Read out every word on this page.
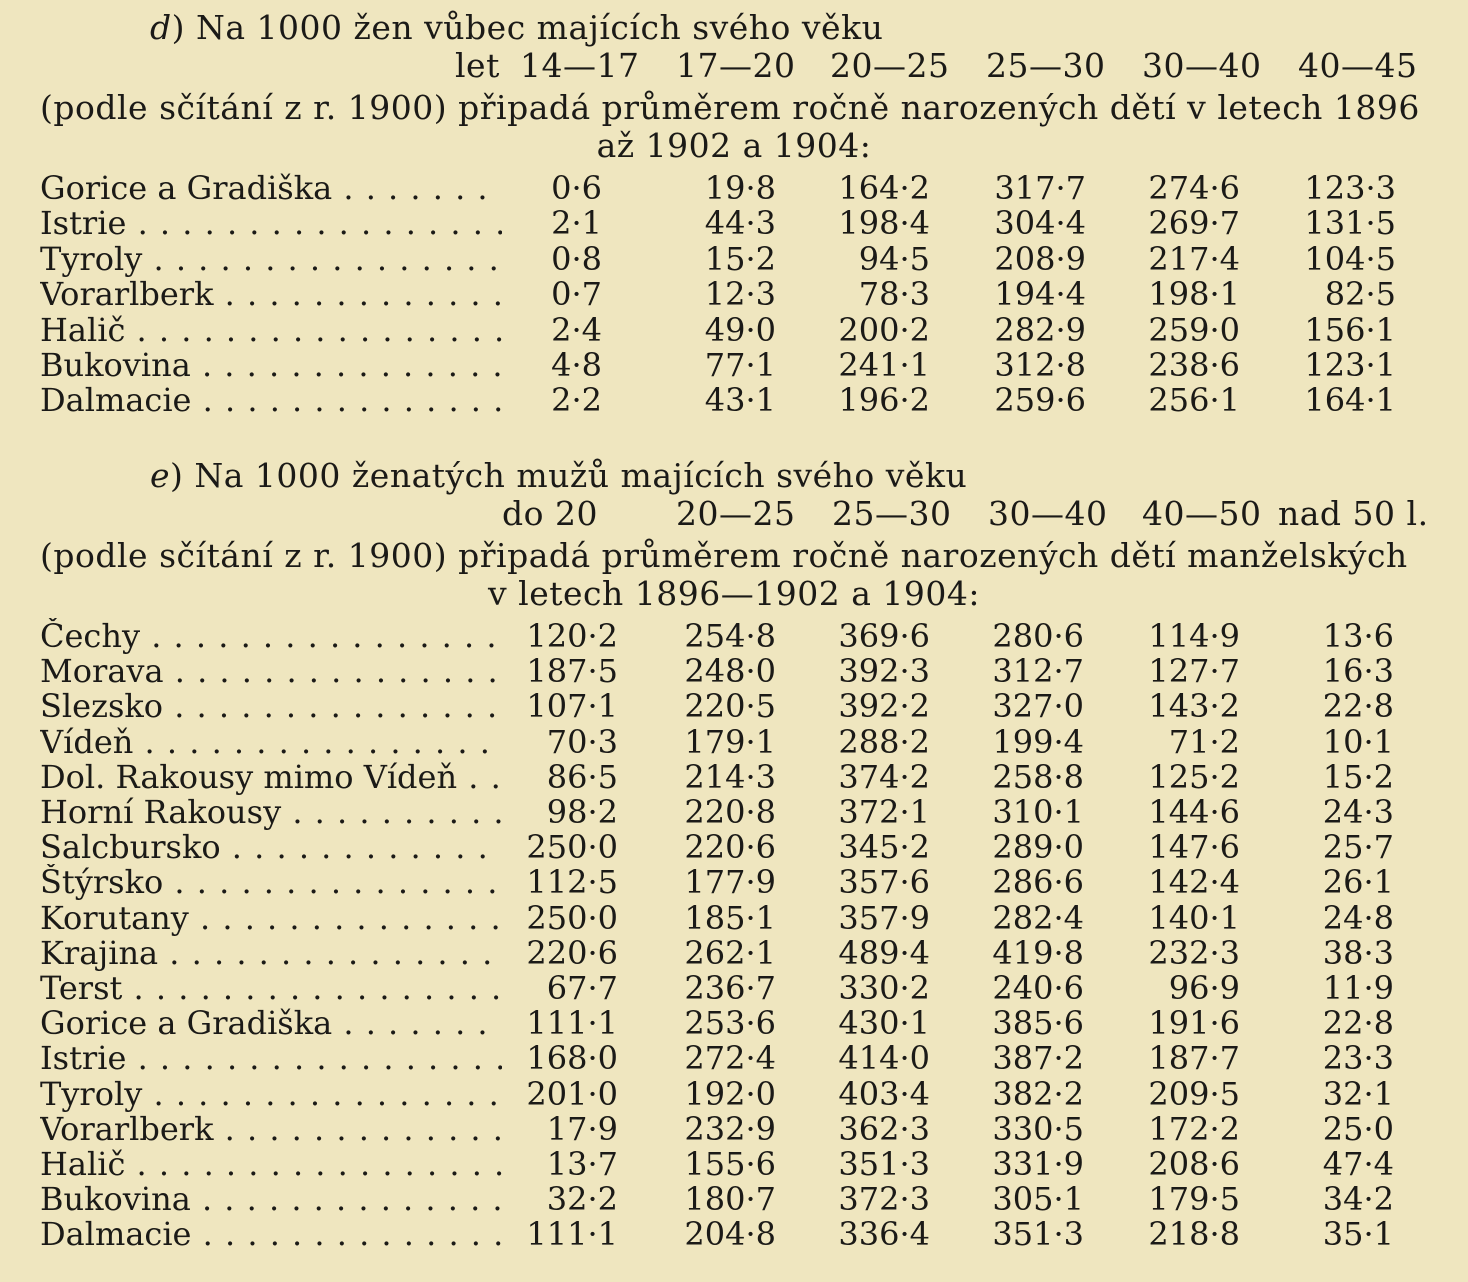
d) Na 1000 žen vůbec majících svého věku
let 14—17 17—20 20—25 25—30 30—40 40—45
(podle sčítání z r. 1900) připadá průměrem ročně narozených dětí v letech 1896
až 1902 a 1904:
Gorice a Gradiška . . .	0·6	19·8	164·2	317·7	274·6	123·3
Istrie . . .	2·1	44·3	198·4	304·4	269·7	131·5
Tyroly . . .	0·8	15·2	94·5	208·9	217·4	104·5
Vorarlberk . . .	0·7	12·3	78·3	194·4	198·1	82·5
Halič . . .	2·4	49·0	200·2	282·9	259·0	156·1
Bukovina . . .	4·8	77·1	241·1	312·8	238·6	123·1
Dalmacie . . .	2·2	43·1	196·2	259·6	256·1	164·1
e) Na 1000 ženatých mužů majících svého věku
do 20 20—25 25—30 30—40 40—50 nad 50 l.
(podle sčítání z r. 1900) připadá průměrem ročně narozených dětí manželských
v letech 1896—1902 a 1904:
Čechy . . .	120·2	254·8	369·6	280·6	114·9	13·6
Morava . . .	187·5	248·0	392·3	312·7	127·7	16·3
Slezsko . . .	107·1	220·5	392·2	327·0	143·2	22·8
Vídeň . . .	70·3	179·1	288·2	199·4	71·2	10·1
Dol. Rakousy mimo Vídeň . . .	86·5	214·3	374·2	258·8	125·2	15·2
Horní Rakousy . . .	98·2	220·8	372·1	310·1	144·6	24·3
Salcbursko . . .	250·0	220·6	345·2	289·0	147·6	25·7
Štýrsko . . .	112·5	177·9	357·6	286·6	142·4	26·1
Korutany . . .	250·0	185·1	357·9	282·4	140·1	24·8
Krajina . . .	220·6	262·1	489·4	419·8	232·3	38·3
Terst . . .	67·7	236·7	330·2	240·6	96·9	11·9
Gorice a Gradiška . . .	111·1	253·6	430·1	385·6	191·6	22·8
Istrie . . .	168·0	272·4	414·0	387·2	187·7	23·3
Tyroly . . .	201·0	192·0	403·4	382·2	209·5	32·1
Vorarlberk . . .	17·9	232·9	362·3	330·5	172·2	25·0
Halič . . .	13·7	155·6	351·3	331·9	208·6	47·4
Bukovina . . .	32·2	180·7	372·3	305·1	179·5	34·2
Dalmacie . . .	111·1	204·8	336·4	351·3	218·8	35·1
